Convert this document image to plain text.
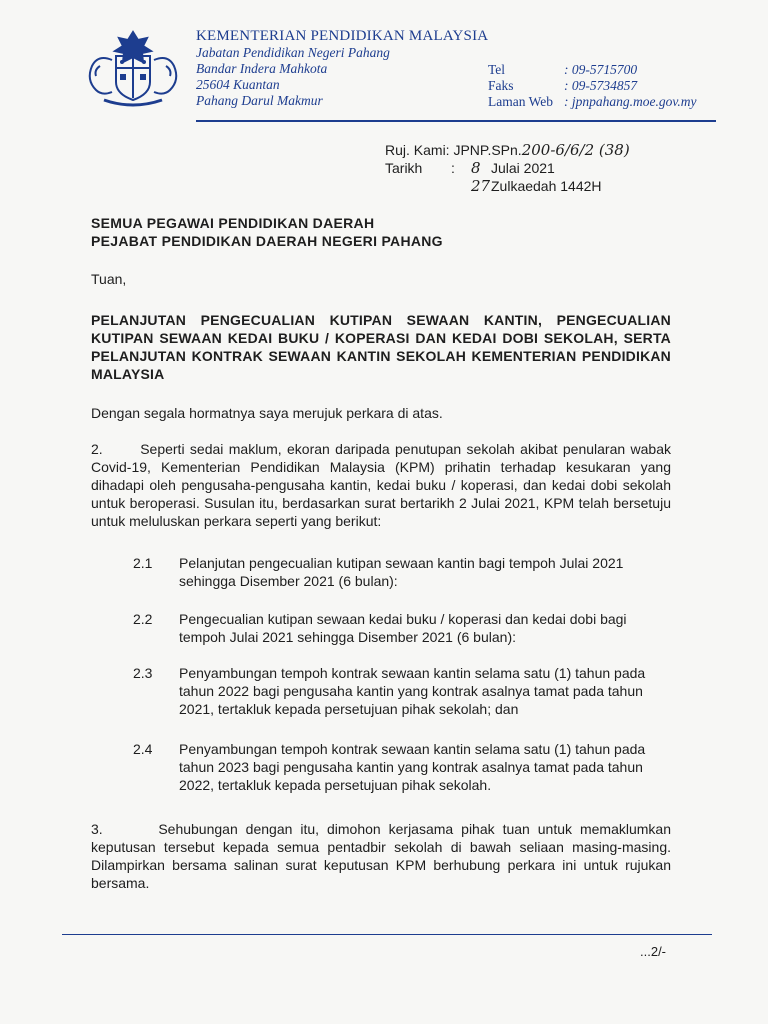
KEMENTERIAN PENDIDIKAN MALAYSIA
Jabatan Pendidikan Negeri Pahang
Bandar Indera Mahkota
25604 Kuantan
Pahang Darul Makmur
Tel	: 09-5715700
Faks	: 09-5734857
Laman Web : jpnpahang.moe.gov.my
Ruj. Kami: JPNP.SPn. 200-6/6/2 (38)
Tarikh	:	8 Julai 2021
27 Zulkaedah 1442H
SEMUA PEGAWAI PENDIDIKAN DAERAH
PEJABAT PENDIDIKAN DAERAH NEGERI PAHANG
Tuan,
PELANJUTAN PENGECUALIAN KUTIPAN SEWAAN KANTIN, PENGECUALIAN KUTIPAN SEWAAN KEDAI BUKU / KOPERASI DAN KEDAI DOBI SEKOLAH, SERTA PELANJUTAN KONTRAK SEWAAN KANTIN SEKOLAH KEMENTERIAN PENDIDIKAN MALAYSIA
Dengan segala hormatnya saya merujuk perkara di atas.
2.       Seperti sedai maklum, ekoran daripada penutupan sekolah akibat penularan wabak Covid-19, Kementerian Pendidikan Malaysia (KPM) prihatin terhadap kesukaran yang dihadapi oleh pengusaha-pengusaha kantin, kedai buku / koperasi, dan kedai dobi sekolah untuk beroperasi. Susulan itu, berdasarkan surat bertarikh 2 Julai 2021, KPM telah bersetuju untuk meluluskan perkara seperti yang berikut:
2.1	Pelanjutan pengecualian kutipan sewaan kantin bagi tempoh Julai 2021 sehingga Disember 2021 (6 bulan):
2.2	Pengecualian kutipan sewaan kedai buku / koperasi dan kedai dobi bagi tempoh Julai 2021 sehingga Disember 2021 (6 bulan):
2.3	Penyambungan tempoh kontrak sewaan kantin selama satu (1) tahun pada tahun 2022 bagi pengusaha kantin yang kontrak asalnya tamat pada tahun 2021, tertakluk kepada persetujuan pihak sekolah; dan
2.4	Penyambungan tempoh kontrak sewaan kantin selama satu (1) tahun pada tahun 2023 bagi pengusaha kantin yang kontrak asalnya tamat pada tahun 2022, tertakluk kepada persetujuan pihak sekolah.
3.       Sehubungan dengan itu, dimohon kerjasama pihak tuan untuk memaklumkan keputusan tersebut kepada semua pentadbir sekolah di bawah seliaan masing-masing. Dilampirkan bersama salinan surat keputusan KPM berhubung perkara ini untuk rujukan bersama.
...2/-
